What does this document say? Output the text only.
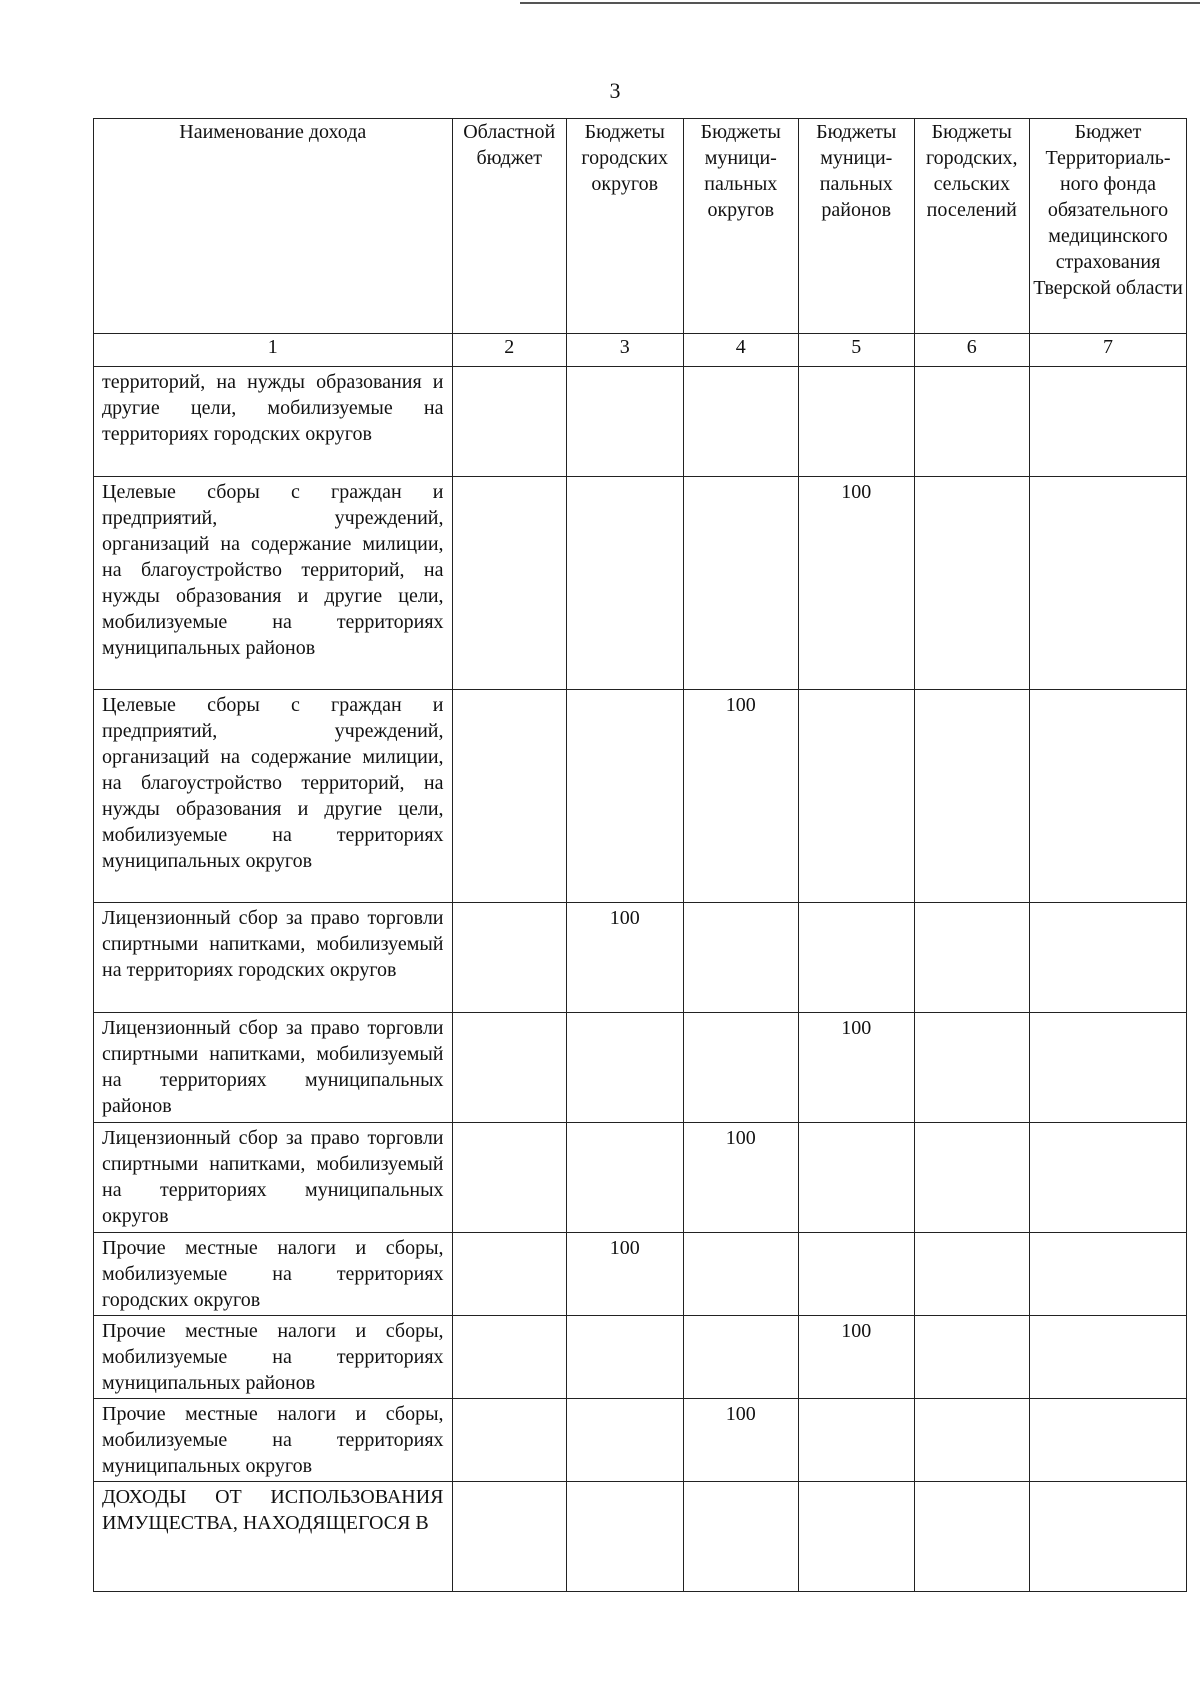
3
Наименование дохода	Областной бюджет	Бюджеты городских округов	Бюджеты муници-пальных округов	Бюджеты муници-пальных районов	Бюджеты городских, сельских поселений	Бюджет Территориаль-ного фонда обязательного медицинского страхования Тверской области
1	2	3	4	5	6	7
территорий, на нужды образования и другие цели, мобилизуемые на территориях городских округов						
Целевые сборы с граждан и предприятий, учреждений, организаций на содержание милиции, на благоустройство территорий, на нужды образования и другие цели, мобилизуемые на территориях муниципальных районов				100		
Целевые сборы с граждан и предприятий, учреждений, организаций на содержание милиции, на благоустройство территорий, на нужды образования и другие цели, мобилизуемые на территориях муниципальных округов			100			
Лицензионный сбор за право торговли спиртными напитками, мобилизуемый на территориях городских округов		100				
Лицензионный сбор за право торговли спиртными напитками, мобилизуемый на территориях муниципальных районов				100		
Лицензионный сбор за право торговли спиртными напитками, мобилизуемый на территориях муниципальных округов			100			
Прочие местные налоги и сборы, мобилизуемые на территориях городских округов		100				
Прочие местные налоги и сборы, мобилизуемые на территориях муниципальных районов				100		
Прочие местные налоги и сборы, мобилизуемые на территориях муниципальных округов			100			
ДОХОДЫ ОТ ИСПОЛЬЗОВАНИЯ ИМУЩЕСТВА, НАХОДЯЩЕГОСЯ В						
